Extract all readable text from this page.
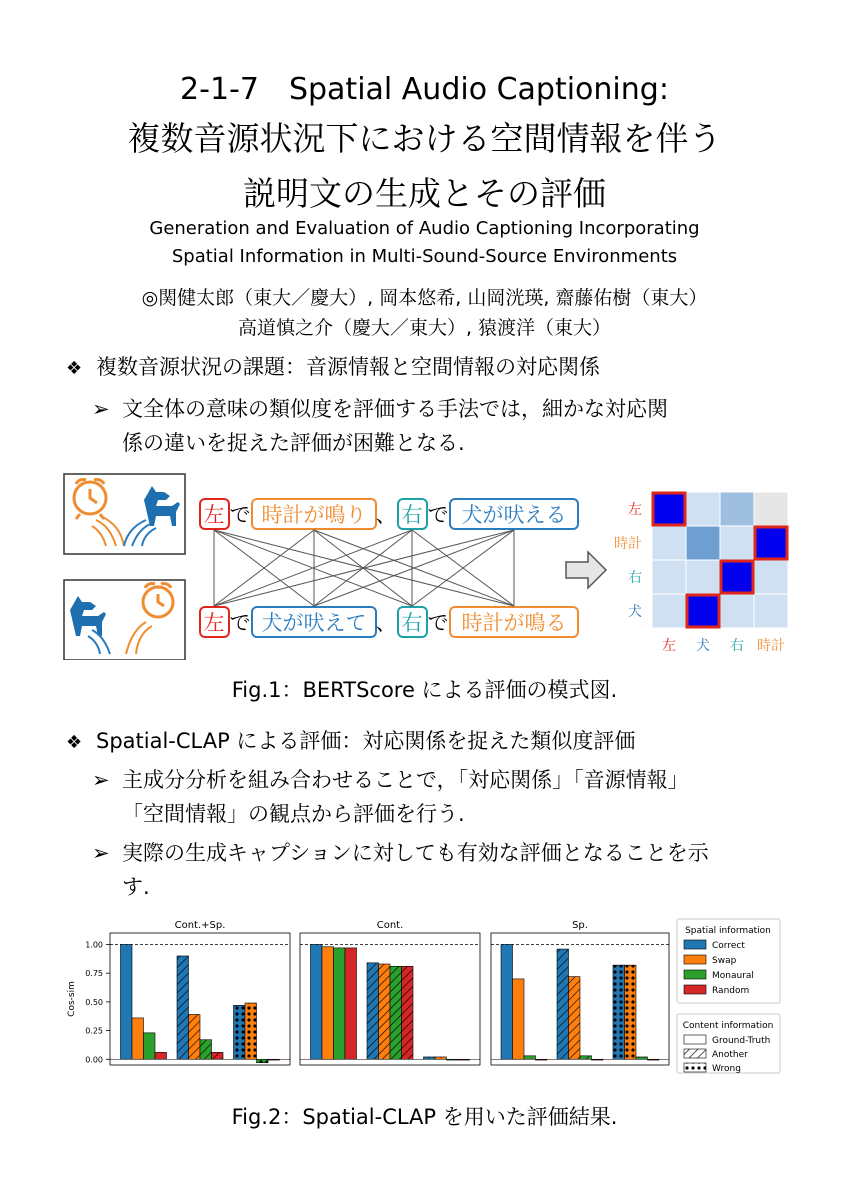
2-1-7　Spatial Audio Captioning:
複数音源状況下における空間情報を伴う
説明文の生成とその評価
Generation and Evaluation of Audio Captioning Incorporating
Spatial Information in Multi-Sound-Source Environments
◎関健太郎（東大／慶大）, 岡本悠希, 山岡洸瑛, 齋藤佑樹（東大）
高道慎之介（慶大／東大）, 猿渡洋（東大）
❖ 複数音源状況の課題：音源情報と空間情報の対応関係
➢ 文全体の意味の類似度を評価する手法では，細かな対応関
係の違いを捉えた評価が困難となる.
左 で 時計が鳴り 、 右 で 犬が吠える
左 で 犬が吠えて 、 右 で 時計が鳴る
左
時計
右
犬
左 犬 右 時計
Fig.1：BERTScore による評価の模式図.
❖ Spatial-CLAP による評価：対応関係を捉えた類似度評価
➢ 主成分分析を組み合わせることで，「対応関係」「音源情報」
「空間情報」の観点から評価を行う.
➢ 実際の生成キャプションに対しても有効な評価となることを示
す.
Cos-sim
0.00
0.25
0.50
0.75
1.00
Cont.+Sp.	Cont.	Sp.	Spatial information
Correct
Swap
Monaural
Random
Content information
Ground-Truth
Another
Wrong
Fig.2：Spatial-CLAP を用いた評価結果.
